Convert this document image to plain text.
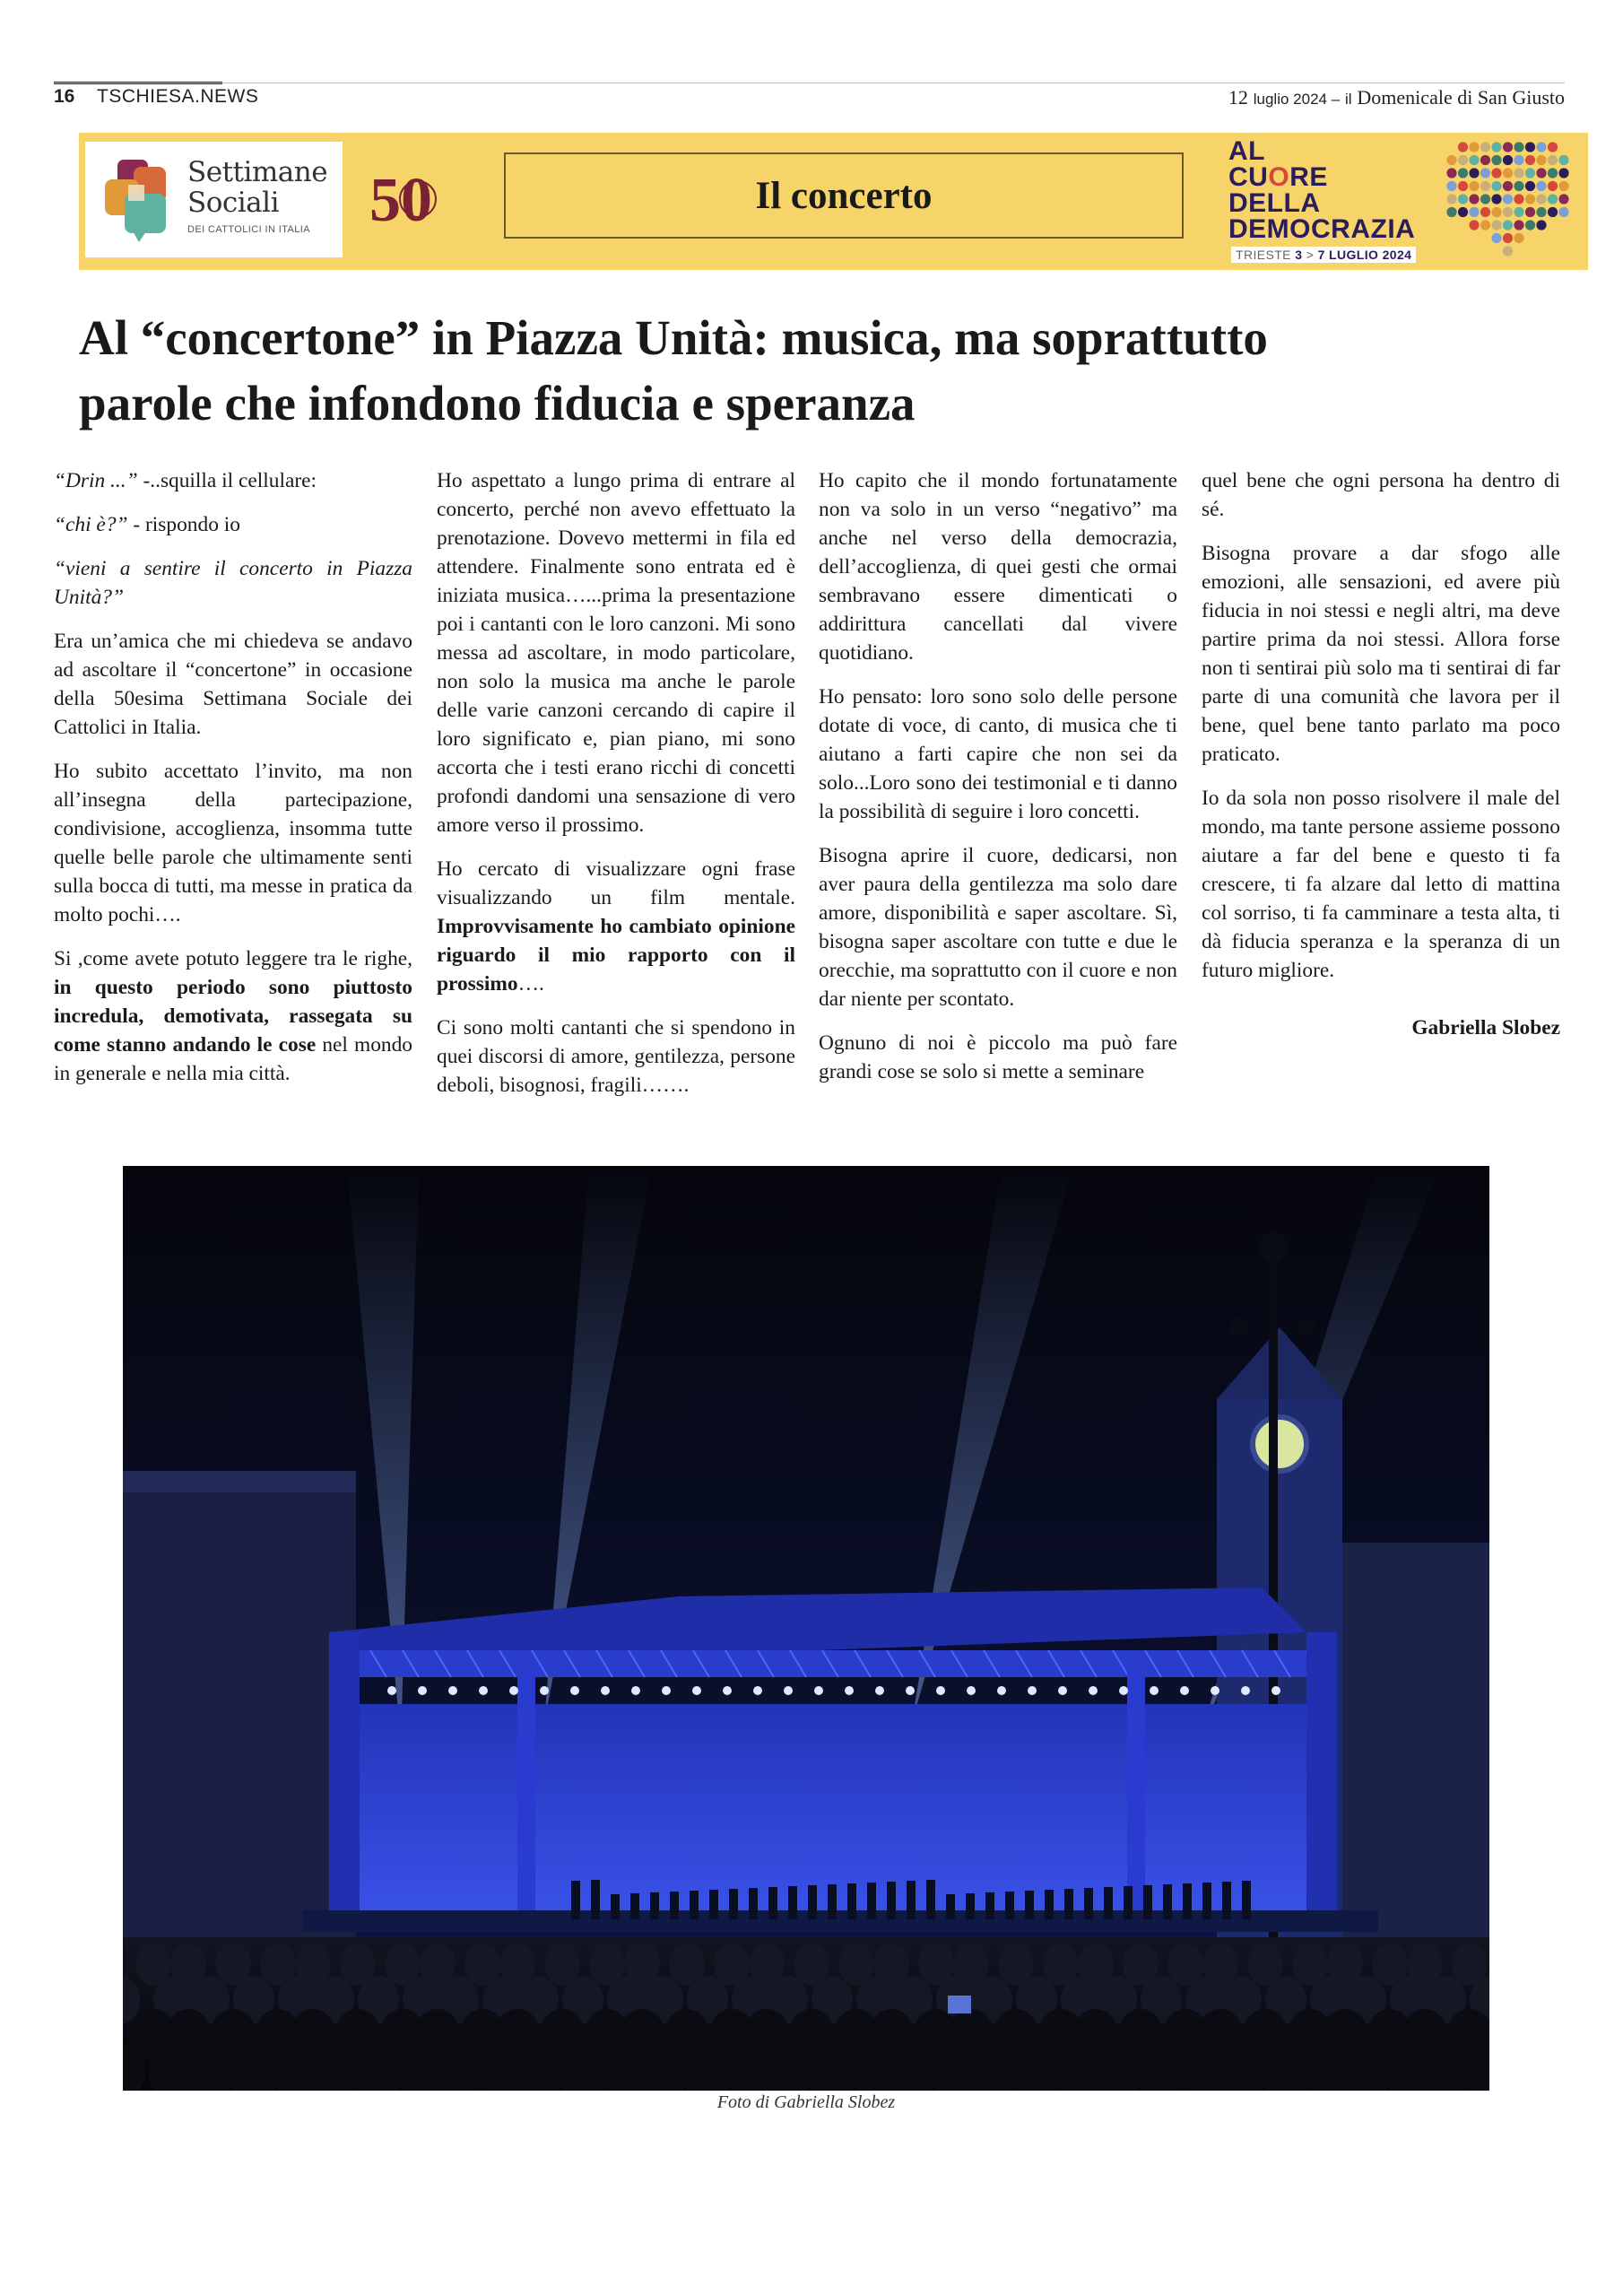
16 TSCHIESA.NEWS	12 luglio 2024 – il Domenicale di San Giusto
Settimane
Sociali
DEI CATTOLICI IN ITALIA 50	Il concerto
AL
CUORE
DELLA
DEMOCRAZIA
TRIESTE 3 > 7 LUGLIO 2024
Al “concertone” in Piazza Unità: musica, ma soprattutto
parole che infondono fiducia e speranza

“Drin ...” -..squilla il cellulare:

“chi è?” - rispondo io

“vieni a sentire il concerto in Piazza Unità?”

Era un’amica che mi chiedeva se andavo ad ascoltare il “concertone” in occasione della 50esima Settimana Sociale dei Cattolici in Italia.

Ho subito accettato l’invito, ma non all’insegna della partecipazione, condivisione, accoglienza, insomma tutte quelle belle parole che ultimamente senti sulla bocca di tutti, ma messe in pratica da molto pochi….

Si ,come avete potuto leggere tra le righe, in questo periodo sono piuttosto incredula, demotivata, rassegata su come stanno andando le cose nel mondo in generale e nella mia città.

Ho aspettato a lungo prima di entrare al concerto, perché non avevo effettuato la prenotazione. Dovevo mettermi in fila ed attendere. Finalmente sono entrata ed è iniziata musica…...prima la presentazione poi i cantanti con le loro canzoni. Mi sono messa ad ascoltare, in modo particolare, non solo la musica ma anche le parole delle varie canzoni cercando di capire il loro significato e, pian piano, mi sono accorta che i testi erano ricchi di concetti profondi dandomi una sensazione di vero amore verso il prossimo.

Ho cercato di visualizzare ogni frase visualizzando un film mentale. Improvvisamente ho cambiato opinione riguardo il mio rapporto con il prossimo….

Ci sono molti cantanti che si spendono in quei discorsi di amore, gentilezza, persone deboli, bisognosi, fragili…….

Ho capito che il mondo fortunatamente non va solo in un verso “negativo” ma anche nel verso della democrazia, dell’accoglienza, di quei gesti che ormai sembravano essere dimenticati o addirittura cancellati dal vivere quotidiano.

Ho pensato: loro sono solo delle persone dotate di voce, di canto, di musica che ti aiutano a farti capire che non sei da solo...Loro sono dei testimonial e ti danno la possibilità di seguire i loro concetti.

Bisogna aprire il cuore, dedicarsi, non aver paura della gentilezza ma solo dare amore, disponibilità e saper ascoltare. Sì, bisogna saper ascoltare con tutte e due le orecchie, ma soprattutto con il cuore e non dar niente per scontato.

Ognuno di noi è piccolo ma può fare grandi cose se solo si mette a seminare

quel bene che ogni persona ha dentro di sé.

Bisogna provare a dar sfogo alle emozioni, alle sensazioni, ed avere più fiducia in noi stessi e negli altri, ma deve partire prima da noi stessi. Allora forse non ti sentirai più solo ma ti sentirai di far parte di una comunità che lavora per il bene, quel bene tanto parlato ma poco praticato.

Io da sola non posso risolvere il male del mondo, ma tante persone assieme possono aiutare a far del bene e questo ti fa crescere, ti fa alzare dal letto di mattina col sorriso, ti fa camminare a testa alta, ti dà fiducia speranza e la speranza di un futuro migliore.

Gabriella Slobez

Foto di Gabriella Slobez
